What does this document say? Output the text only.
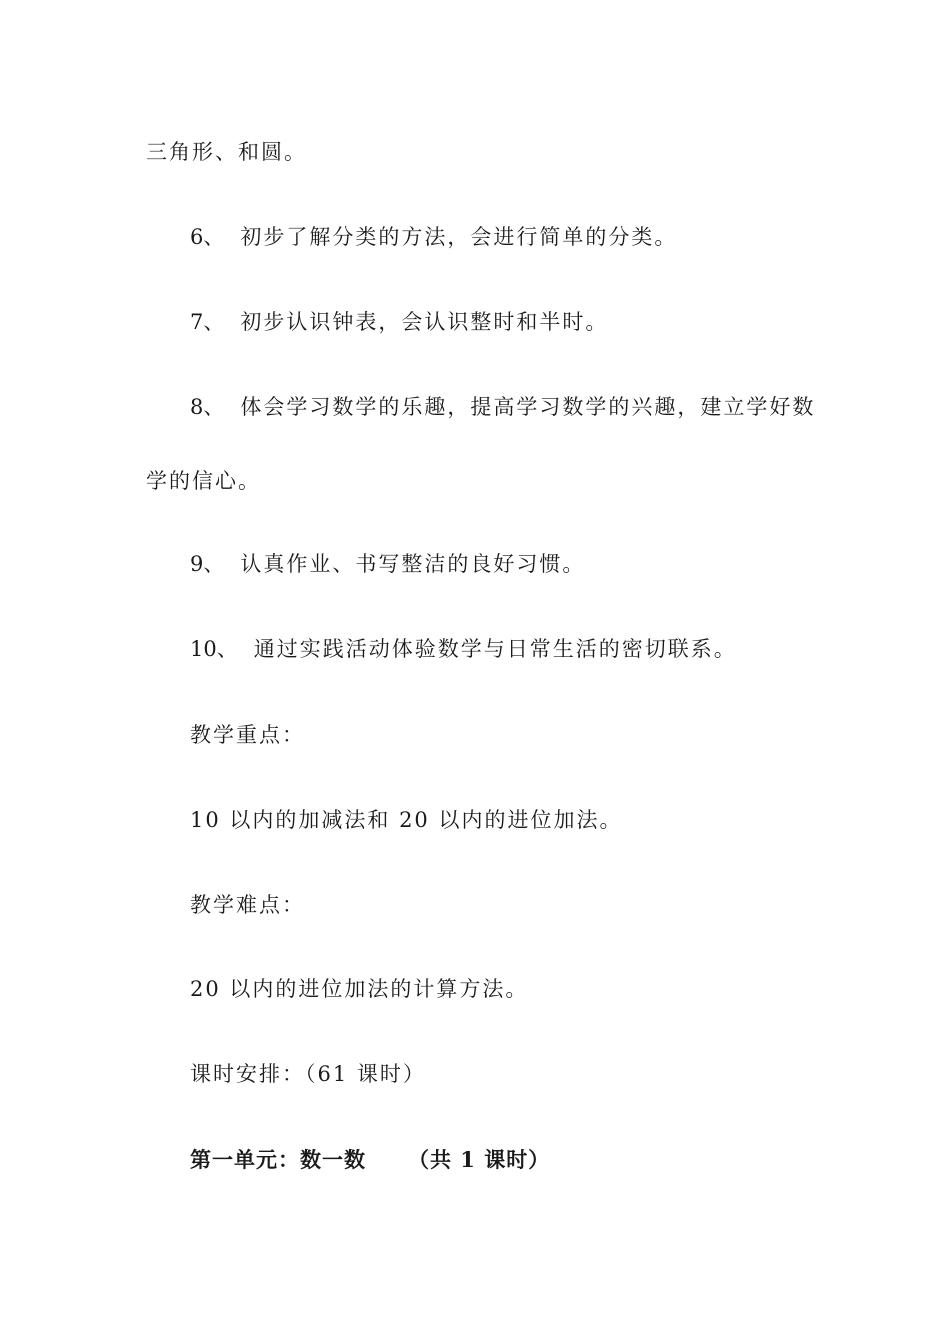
三角形、和圆。
6、 初步了解分类的方法，会进行简单的分类。
7、 初步认识钟表，会认识整时和半时。
8、 体会学习数学的乐趣，提高学习数学的兴趣，建立学好数
学的信心。
9、 认真作业、书写整洁的良好习惯。
10、 通过实践活动体验数学与日常生活的密切联系。
教学重点：
10 以内的加减法和 20 以内的进位加法。
教学难点：
20 以内的进位加法的计算方法。
课时安排：（61 课时）
第一单元：数一数 （共 1 课时）
